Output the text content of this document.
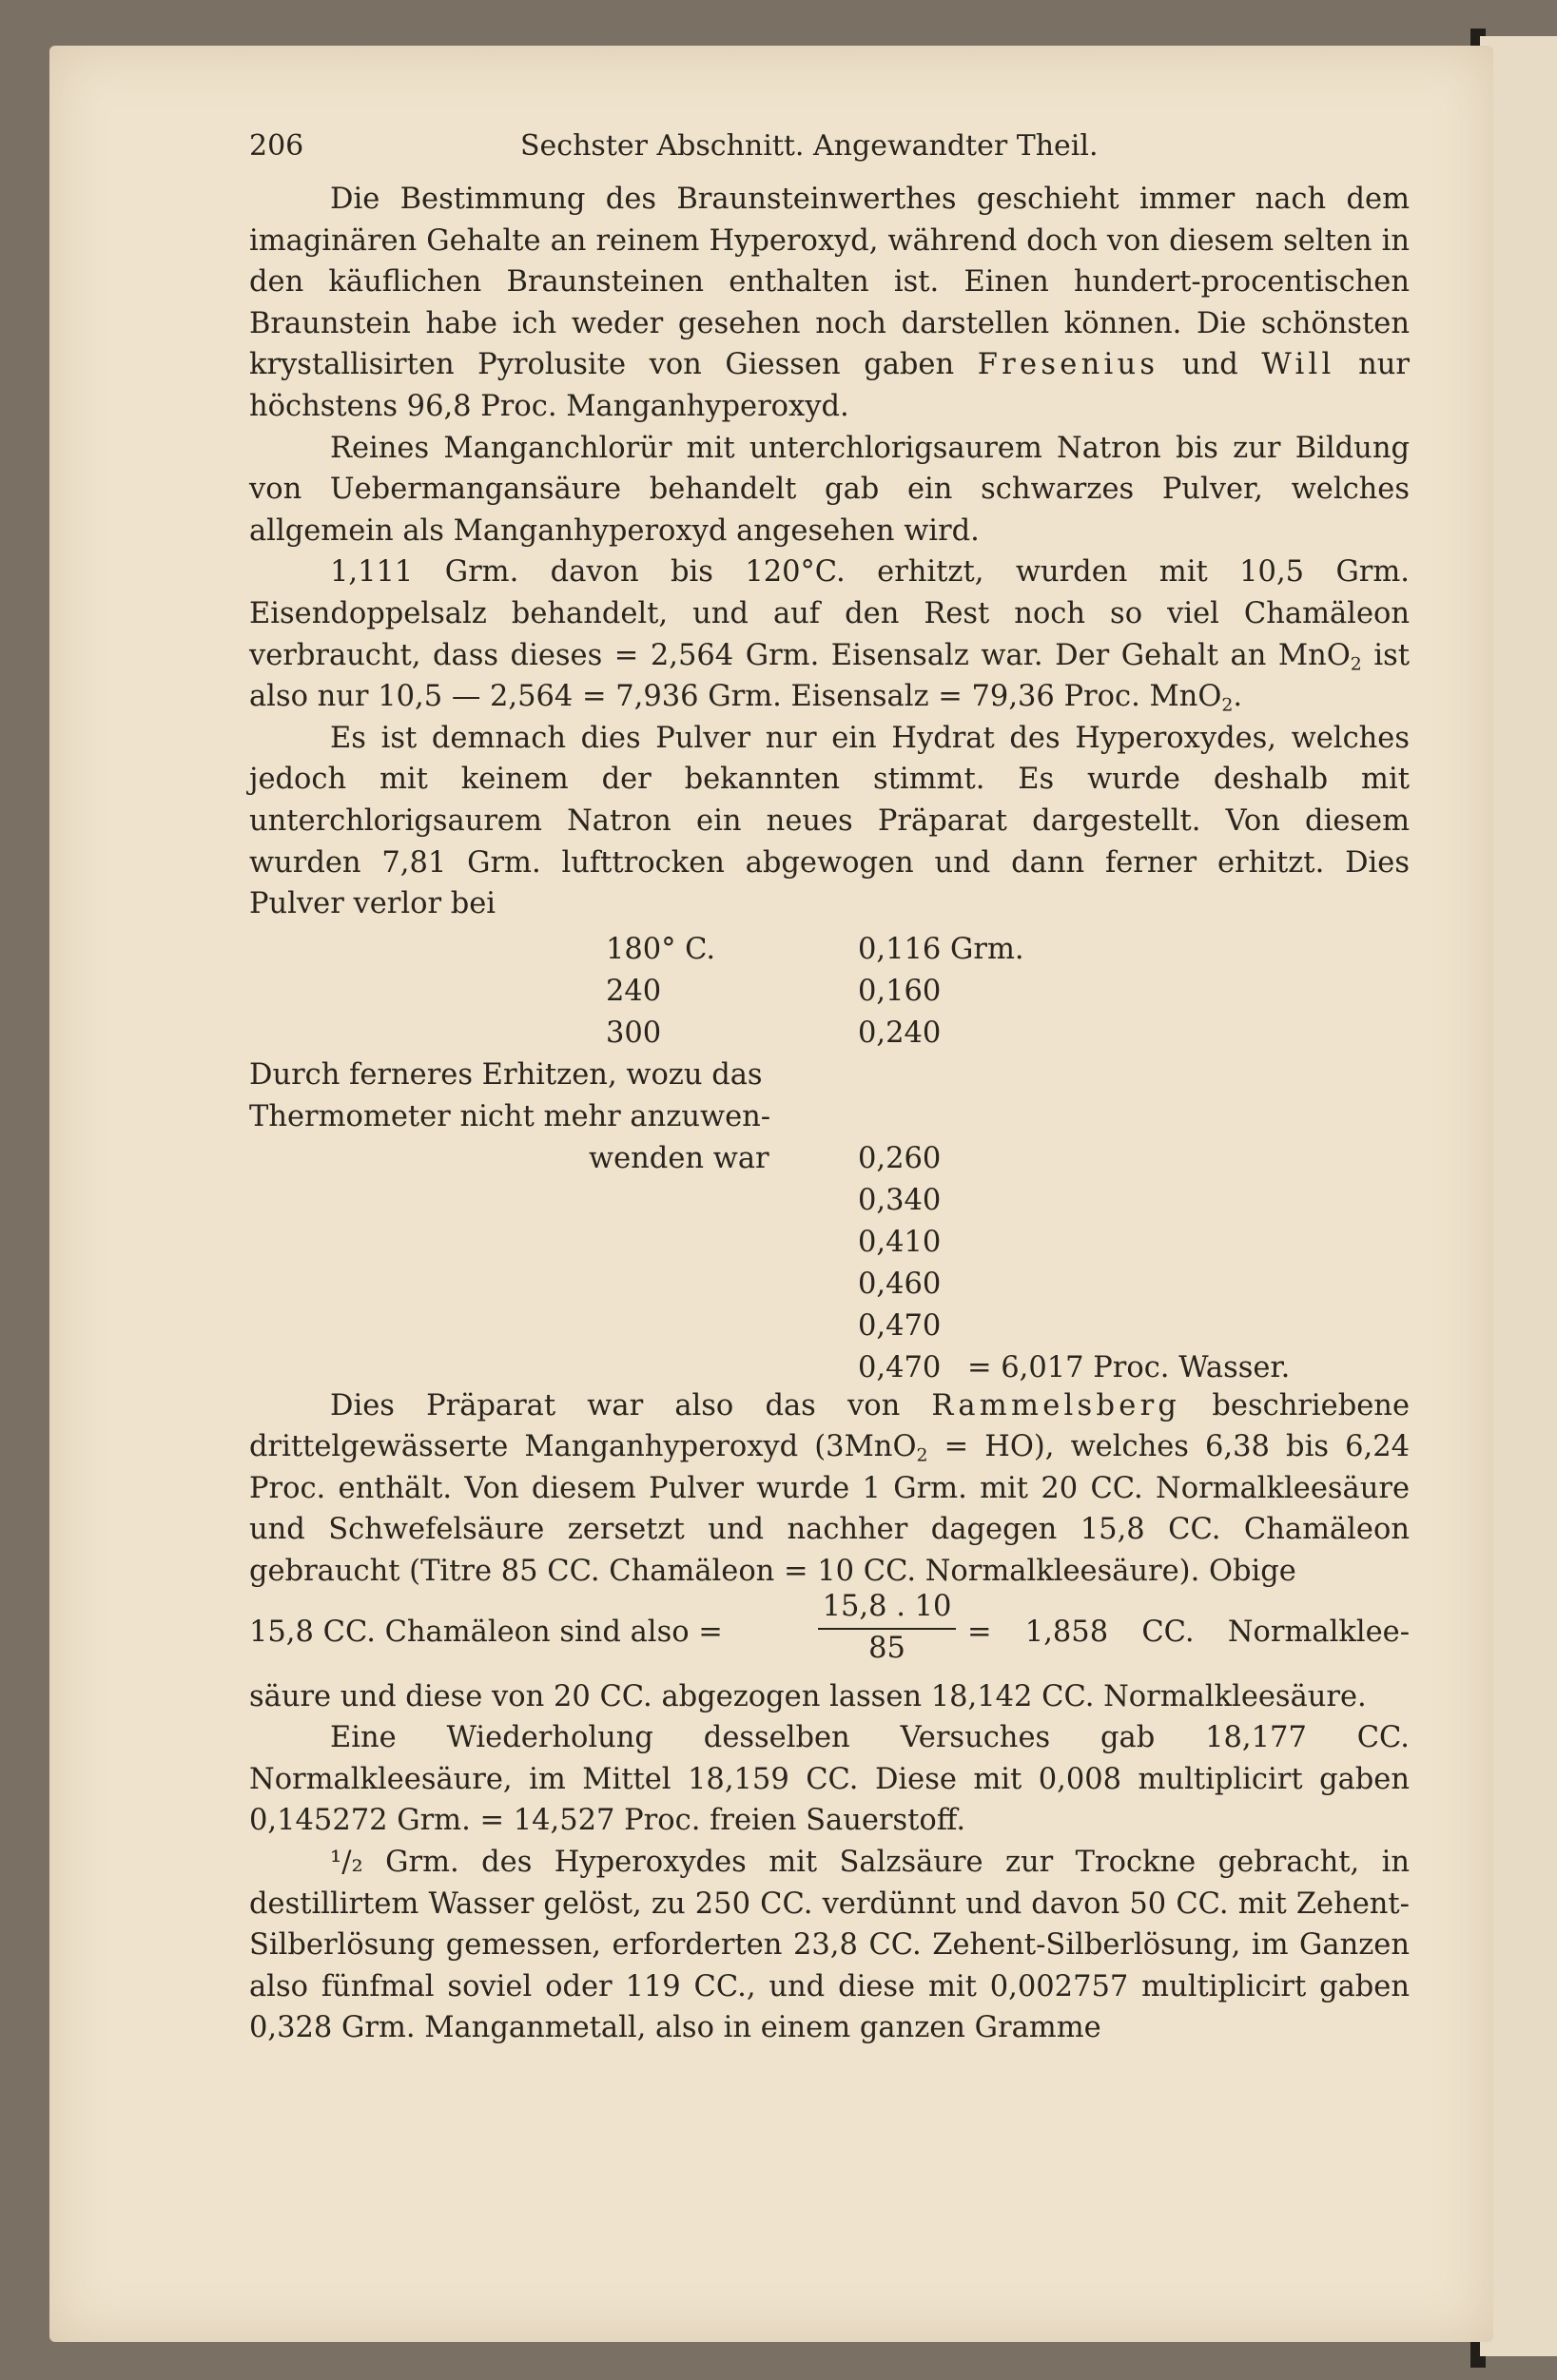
206	Sechster Abschnitt. Angewandter Theil.

Die Bestimmung des Braunsteinwerthes geschieht immer nach dem imaginären Gehalte an reinem Hyperoxyd, während doch von diesem selten in den käuflichen Braunsteinen enthalten ist. Einen hundert-procentischen Braunstein habe ich weder gesehen noch darstellen können. Die schönsten krystallisirten Pyrolusite von Giessen gaben Fresenius und Will nur höchstens 96,8 Proc. Manganhyperoxyd.

Reines Manganchlorür mit unterchlorigsaurem Natron bis zur Bildung von Uebermangansäure behandelt gab ein schwarzes Pulver, welches allgemein als Manganhyperoxyd angesehen wird.

1,111 Grm. davon bis 120°C. erhitzt, wurden mit 10,5 Grm. Eisendoppelsalz behandelt, und auf den Rest noch so viel Chamäleon verbraucht, dass dieses = 2,564 Grm. Eisensalz war. Der Gehalt an MnO$_2$ ist also nur 10,5 — 2,564 = 7,936 Grm. Eisensalz = 79,36 Proc. MnO$_2$.

Es ist demnach dies Pulver nur ein Hydrat des Hyperoxydes, welches jedoch mit keinem der bekannten stimmt. Es wurde deshalb mit unterchlorigsaurem Natron ein neues Präparat dargestellt. Von diesem wurden 7,81 Grm. lufttrocken abgewogen und dann ferner erhitzt. Dies Pulver verlor bei

180° C.
240
300
Durch ferneres Erhitzen, wozu das
Thermometer nicht mehr anzuwen-
wenden war
0,116 Grm.
0,160
0,240
0,260
0,340
0,410
0,460
0,470
0,470 = 6,017 Proc. Wasser.

Dies Präparat war also das von Rammelsberg beschriebene drittelgewässerte Manganhyperoxyd (3MnO$_2$ = HO), welches 6,38 bis 6,24 Proc. enthält. Von diesem Pulver wurde 1 Grm. mit 20 CC. Normalkleesäure und Schwefelsäure zersetzt und nachher dagegen 15,8 CC. Chamäleon gebraucht (Titre 85 CC. Chamäleon = 10 CC. Normalkleesäure). Obige

15,8 CC. Chamäleon sind also =	$\frac{15,8 . 10}{85} = 1,858$ CC. Normalklee-

säure und diese von 20 CC. abgezogen lassen 18,142 CC. Normalkleesäure.

Eine Wiederholung desselben Versuches gab 18,177 CC. Normalkleesäure, im Mittel 18,159 CC. Diese mit 0,008 multiplicirt gaben 0,145272 Grm. = 14,527 Proc. freien Sauerstoff.

¹/₂ Grm. des Hyperoxydes mit Salzsäure zur Trockne gebracht, in destillirtem Wasser gelöst, zu 250 CC. verdünnt und davon 50 CC. mit Zehent-Silberlösung gemessen, erforderten 23,8 CC. Zehent-Silberlösung, im Ganzen also fünfmal soviel oder 119 CC., und diese mit 0,002757 multiplicirt gaben 0,328 Grm. Manganmetall, also in einem ganzen Gramme
